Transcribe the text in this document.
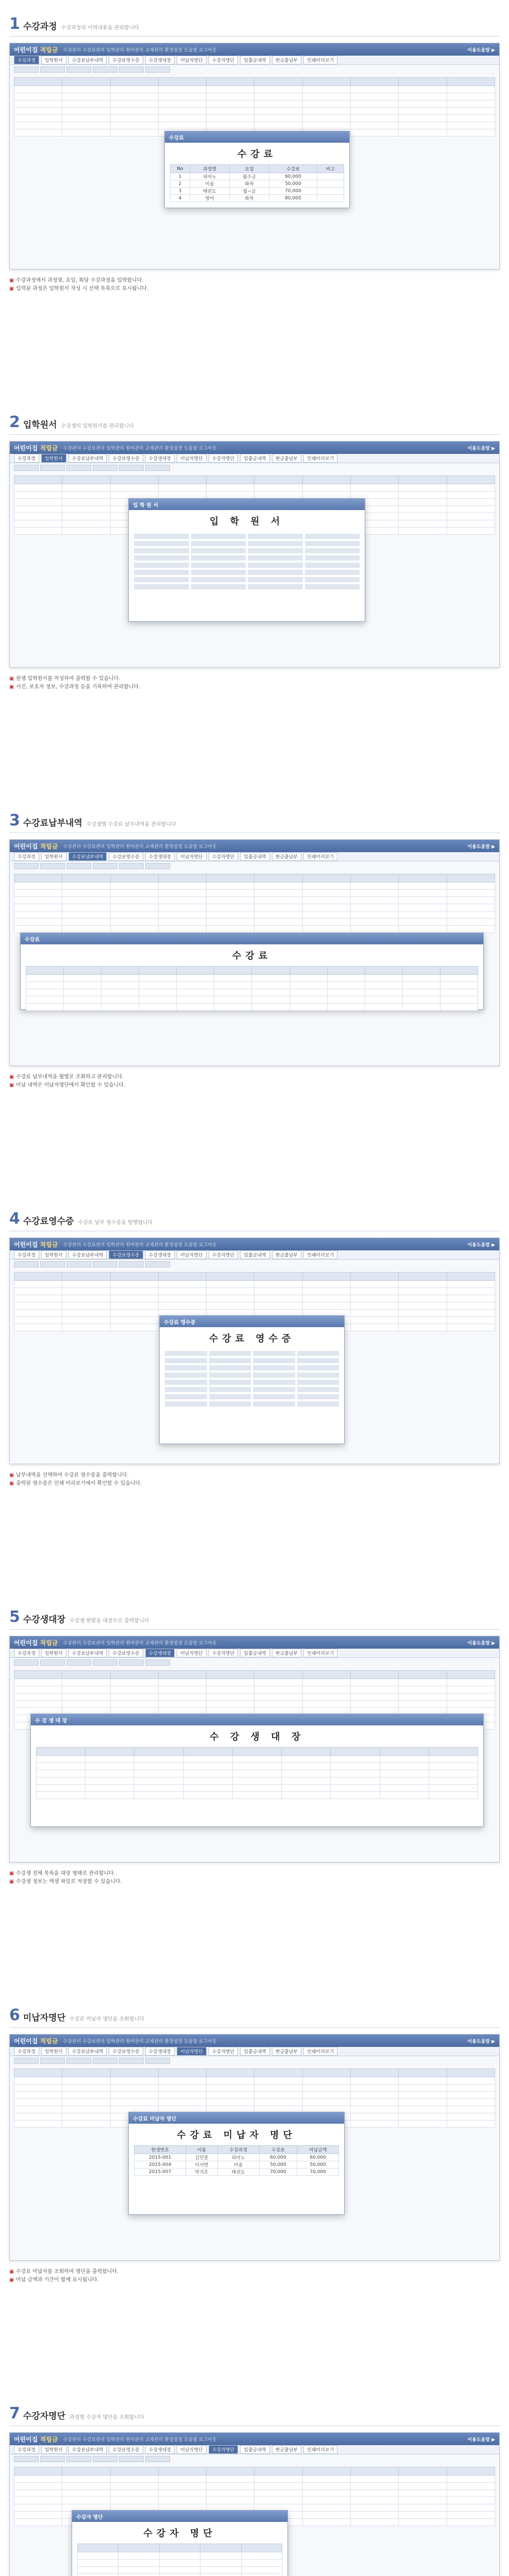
1 수강과정 수강과정의 이력내용을 관리합니다
어린이집 적립금 수강관리 수강료관리 입학관리 원비관리 교재관리 환경설정 도움말 로그아웃	이용도움말 ▶
수강과정	입학원서	수강료납부내역	수강료영수증	수강생대장	미납자명단	수강자명단	입출금내역	현금출납부	인쇄미리보기

수강료
수강료
No	과정명	요일	수강료	비고
1	피아노	월수금	60,000	
2	미술	화목	50,000	
3	태권도	월~금	70,000	
4	영어	화목	80,000	
▣ 수강과정에서 과정명, 요일, 회당 수강과정을 입력합니다.
▣ 입력된 과정은 입학원서 작성 시 선택 목록으로 표시됩니다.
2 입학원서 수강생의 입학원서를 관리합니다
어린이집 적립금 수강관리 수강료관리 입학관리 원비관리 교재관리 환경설정 도움말 로그아웃	이용도움말 ▶
수강과정	입학원서	수강료납부내역	수강료영수증	수강생대장	미납자명단	수강자명단	입출금내역	현금출납부	인쇄미리보기

입 학 원 서
입 학 원 서
▣ 원생 입학원서를 작성하여 출력할 수 있습니다.
▣ 사진, 보호자 정보, 수강과정 등을 기록하여 관리합니다.
3 수강료납부내역 수강생별 수강료 납부내역을 관리합니다
어린이집 적립금 수강관리 수강료관리 입학관리 원비관리 교재관리 환경설정 도움말 로그아웃	이용도움말 ▶
수강과정	입학원서	수강료납부내역	수강료영수증	수강생대장	미납자명단	수강자명단	입출금내역	현금출납부	인쇄미리보기

수강료
수강료

▣ 수강료 납부내역을 월별로 조회하고 관리합니다.
▣ 미납 내역은 미납자명단에서 확인할 수 있습니다.
4 수강료영수증 수강료 납부 영수증을 발행합니다
어린이집 적립금 수강관리 수강료관리 입학관리 원비관리 교재관리 환경설정 도움말 로그아웃	이용도움말 ▶
수강과정	입학원서	수강료납부내역	수강료영수증	수강생대장	미납자명단	수강자명단	입출금내역	현금출납부	인쇄미리보기

수강료 영수증
수강료 영수증
▣ 납부내역을 선택하여 수강료 영수증을 출력합니다.
▣ 출력된 영수증은 인쇄 미리보기에서 확인할 수 있습니다.
5 수강생대장 수강생 현황을 대장으로 출력합니다
어린이집 적립금 수강관리 수강료관리 입학관리 원비관리 교재관리 환경설정 도움말 로그아웃	이용도움말 ▶
수강과정	입학원서	수강료납부내역	수강료영수증	수강생대장	미납자명단	수강자명단	입출금내역	현금출납부	인쇄미리보기

수 강 생 대 장
수 강 생 대 장

▣ 수강생 전체 목록을 대장 형태로 관리합니다.
▣ 수강생 정보는 엑셀 파일로 저장할 수 있습니다.
6 미납자명단 수강료 미납자 명단을 조회합니다
어린이집 적립금 수강관리 수강료관리 입학관리 원비관리 교재관리 환경설정 도움말 로그아웃	이용도움말 ▶
수강과정	입학원서	수강료납부내역	수강료영수증	수강생대장	미납자명단	수강자명단	입출금내역	현금출납부	인쇄미리보기

수강료 미납자 명단
수강료 미납자 명단
원생번호	이름	수강과정	수강료	미납금액
2015-001	김민준	피아노	60,000	60,000
2015-004	이서연	미술	50,000	50,000
2015-007	박지호	태권도	70,000	70,000
▣ 수강료 미납자를 조회하여 명단을 출력합니다.
▣ 미납 금액과 기간이 함께 표시됩니다.
7 수강자명단 과정별 수강자 명단을 조회합니다
어린이집 적립금 수강관리 수강료관리 입학관리 원비관리 교재관리 환경설정 도움말 로그아웃	이용도움말 ▶
수강과정	입학원서	수강료납부내역	수강료영수증	수강생대장	미납자명단	수강자명단	입출금내역	현금출납부	인쇄미리보기

수강자 명단
수강자 명단
